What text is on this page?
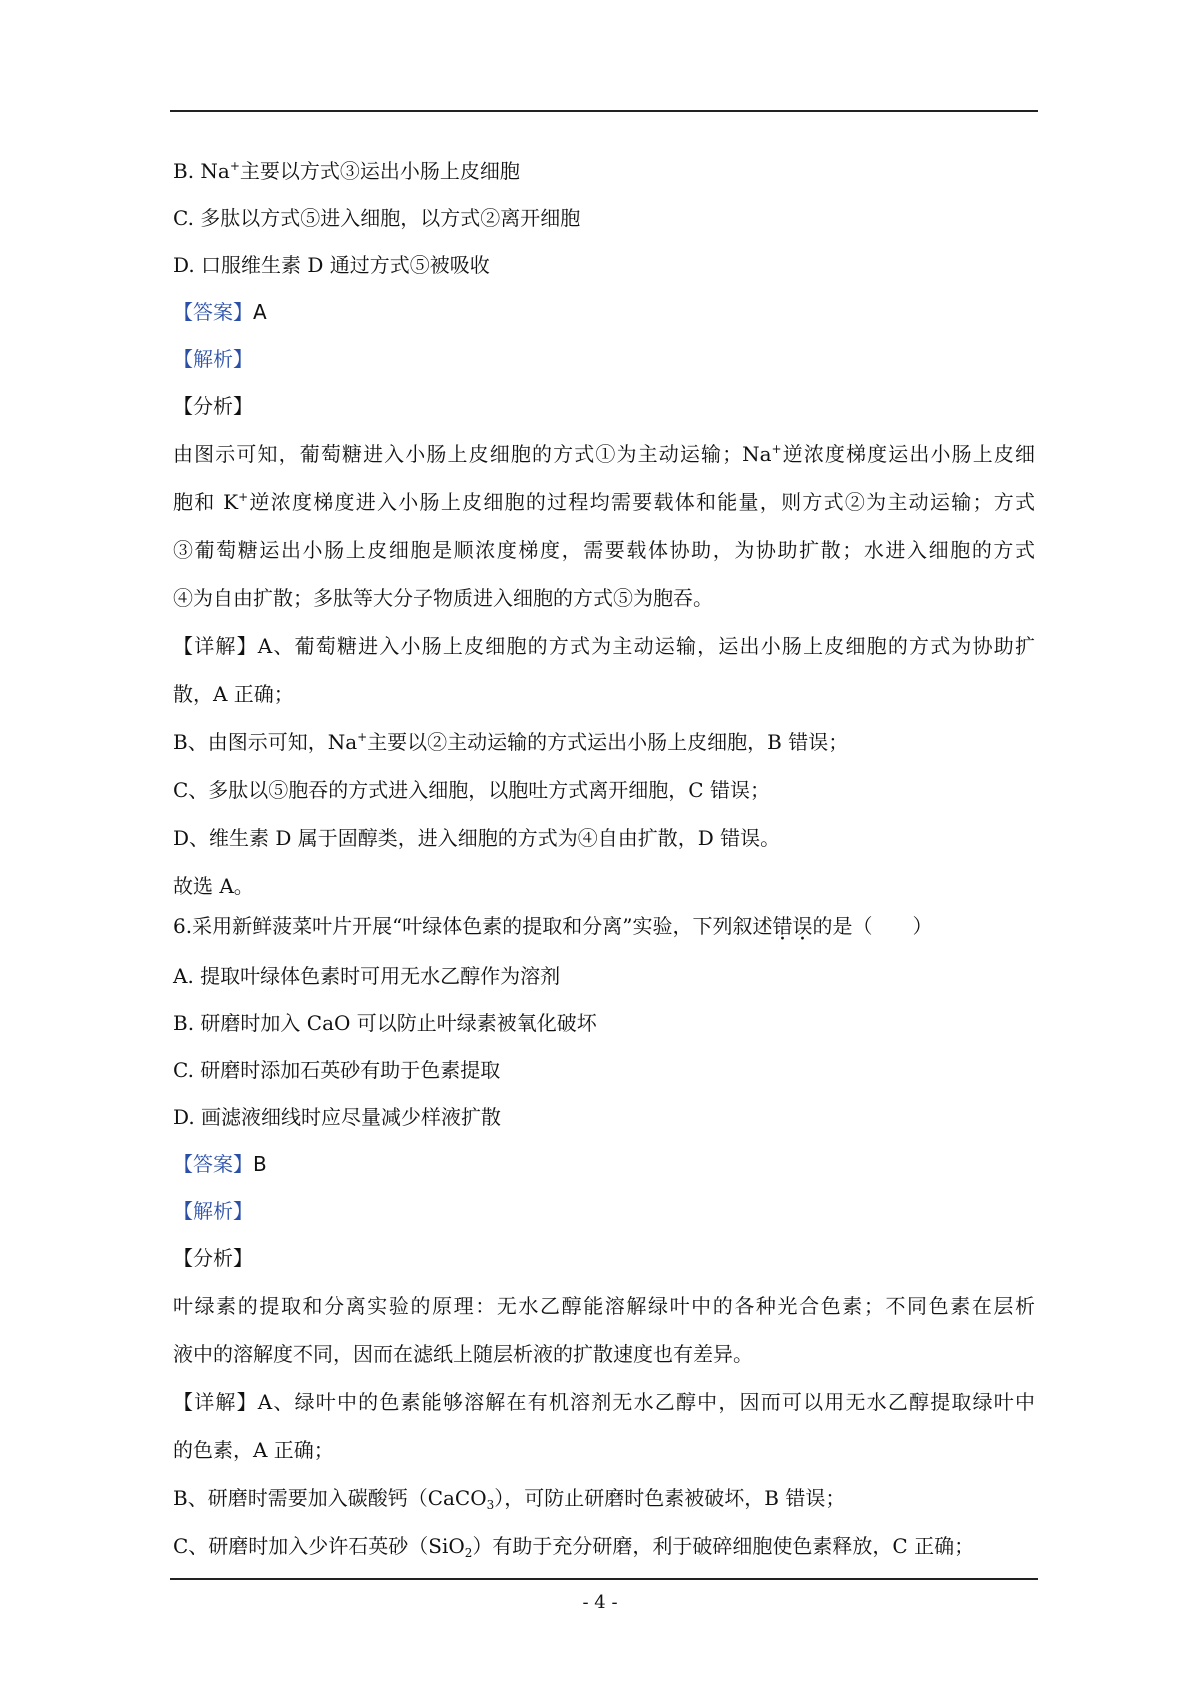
B. Na+主要以方式③运出小肠上皮细胞
C. 多肽以方式⑤进入细胞，以方式②离开细胞
D. 口服维生素 D 通过方式⑤被吸收
【答案】A
【解析】
【分析】
由图示可知，葡萄糖进入小肠上皮细胞的方式①为主动运输；Na+逆浓度梯度运出小肠上皮细
胞和 K+逆浓度梯度进入小肠上皮细胞的过程均需要载体和能量，则方式②为主动运输；方式
③葡萄糖运出小肠上皮细胞是顺浓度梯度，需要载体协助，为协助扩散；水进入细胞的方式
④为自由扩散；多肽等大分子物质进入细胞的方式⑤为胞吞。
【详解】A、葡萄糖进入小肠上皮细胞的方式为主动运输，运出小肠上皮细胞的方式为协助扩
散，A 正确；
B、由图示可知，Na+主要以②主动运输的方式运出小肠上皮细胞，B 错误；
C、多肽以⑤胞吞的方式进入细胞，以胞吐方式离开细胞，C 错误；
D、维生素 D 属于固醇类，进入细胞的方式为④自由扩散，D 错误。
故选 A。
6.采用新鲜菠菜叶片开展“叶绿体色素的提取和分离”实验，下列叙述错误的是（　　）
A. 提取叶绿体色素时可用无水乙醇作为溶剂
B. 研磨时加入 CaO 可以防止叶绿素被氧化破坏
C. 研磨时添加石英砂有助于色素提取
D. 画滤液细线时应尽量减少样液扩散
【答案】B
【解析】
【分析】
叶绿素的提取和分离实验的原理：无水乙醇能溶解绿叶中的各种光合色素；不同色素在层析
液中的溶解度不同，因而在滤纸上随层析液的扩散速度也有差异。
【详解】A、绿叶中的色素能够溶解在有机溶剂无水乙醇中，因而可以用无水乙醇提取绿叶中
的色素，A 正确；
B、研磨时需要加入碳酸钙（CaCO$_3$），可防止研磨时色素被破坏，B 错误；
C、研磨时加入少许石英砂（SiO$_2$）有助于充分研磨，利于破碎细胞使色素释放，C 正确；
- 4 -
